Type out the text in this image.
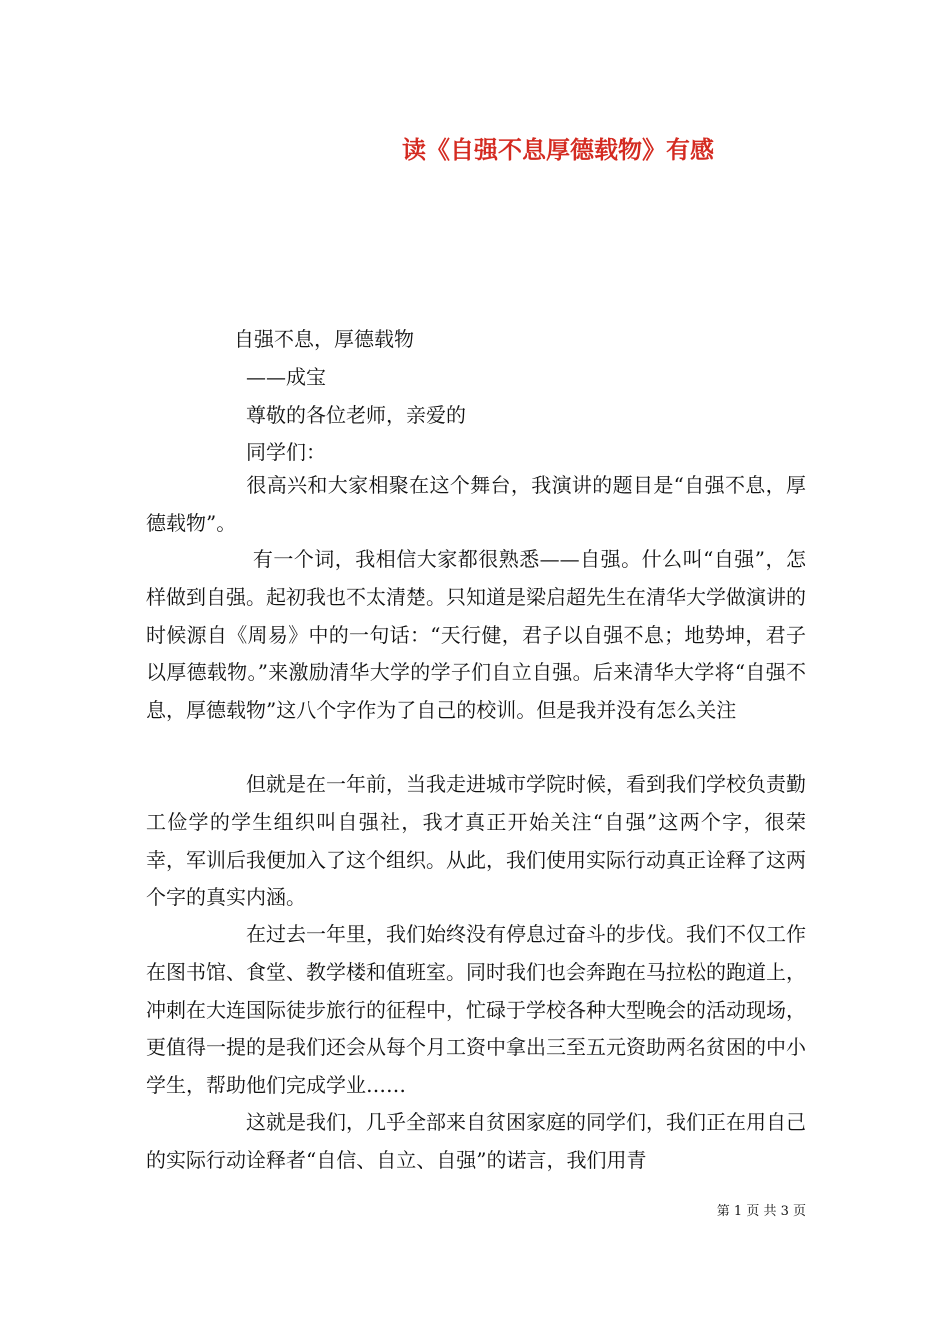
读《自强不息厚德载物》有感
自强不息，厚德载物
——成宝
尊敬的各位老师，亲爱的
同学们：
很高兴和大家相聚在这个舞台，我演讲的题目是“自强不息，厚德载物”。
有一个词，我相信大家都很熟悉——自强。什么叫“自强”，怎样做到自强。起初我也不太清楚。只知道是梁启超先生在清华大学做演讲的时候源自《周易》中的一句话：“天行健，君子以自强不息；地势坤，君子以厚德载物。”来激励清华大学的学子们自立自强。后来清华大学将“自强不息，厚德载物”这八个字作为了自己的校训。但是我并没有怎么关注
但就是在一年前，当我走进城市学院时候，看到我们学校负责勤工俭学的学生组织叫自强社，我才真正开始关注“自强”这两个字，很荣幸，军训后我便加入了这个组织。从此，我们使用实际行动真正诠释了这两个字的真实内涵。
在过去一年里，我们始终没有停息过奋斗的步伐。我们不仅工作在图书馆、食堂、教学楼和值班室。同时我们也会奔跑在马拉松的跑道上，冲刺在大连国际徒步旅行的征程中，忙碌于学校各种大型晚会的活动现场，更值得一提的是我们还会从每个月工资中拿出三至五元资助两名贫困的中小学生，帮助他们完成学业……
这就是我们，几乎全部来自贫困家庭的同学们，我们正在用自己的实际行动诠释者“自信、自立、自强”的诺言，我们用青
第 1 页 共 3 页
